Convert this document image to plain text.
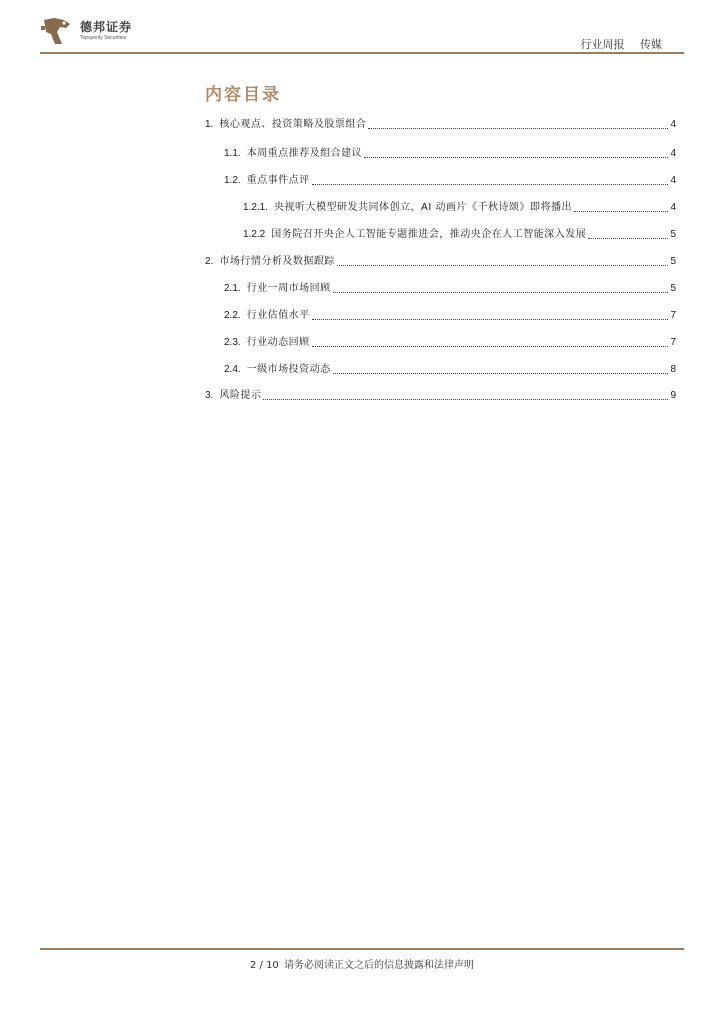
德邦证券
Topsperity Securities	行业周报 传媒
内容目录
1. 核心观点、投资策略及股票组合	4
1.1. 本周重点推荐及组合建议	4
1.2. 重点事件点评	4
1.2.1. 央视听大模型研发共同体创立，AI 动画片《千秋诗颂》即将播出	4
1.2.2 国务院召开央企人工智能专题推进会，推动央企在人工智能深入发展	5
2. 市场行情分析及数据跟踪	5
2.1. 行业一周市场回顾	5
2.2. 行业估值水平	7
2.3. 行业动态回顾	7
2.4. 一级市场投资动态	8
3. 风险提示	9
2 / 10 请务必阅读正文之后的信息披露和法律声明
